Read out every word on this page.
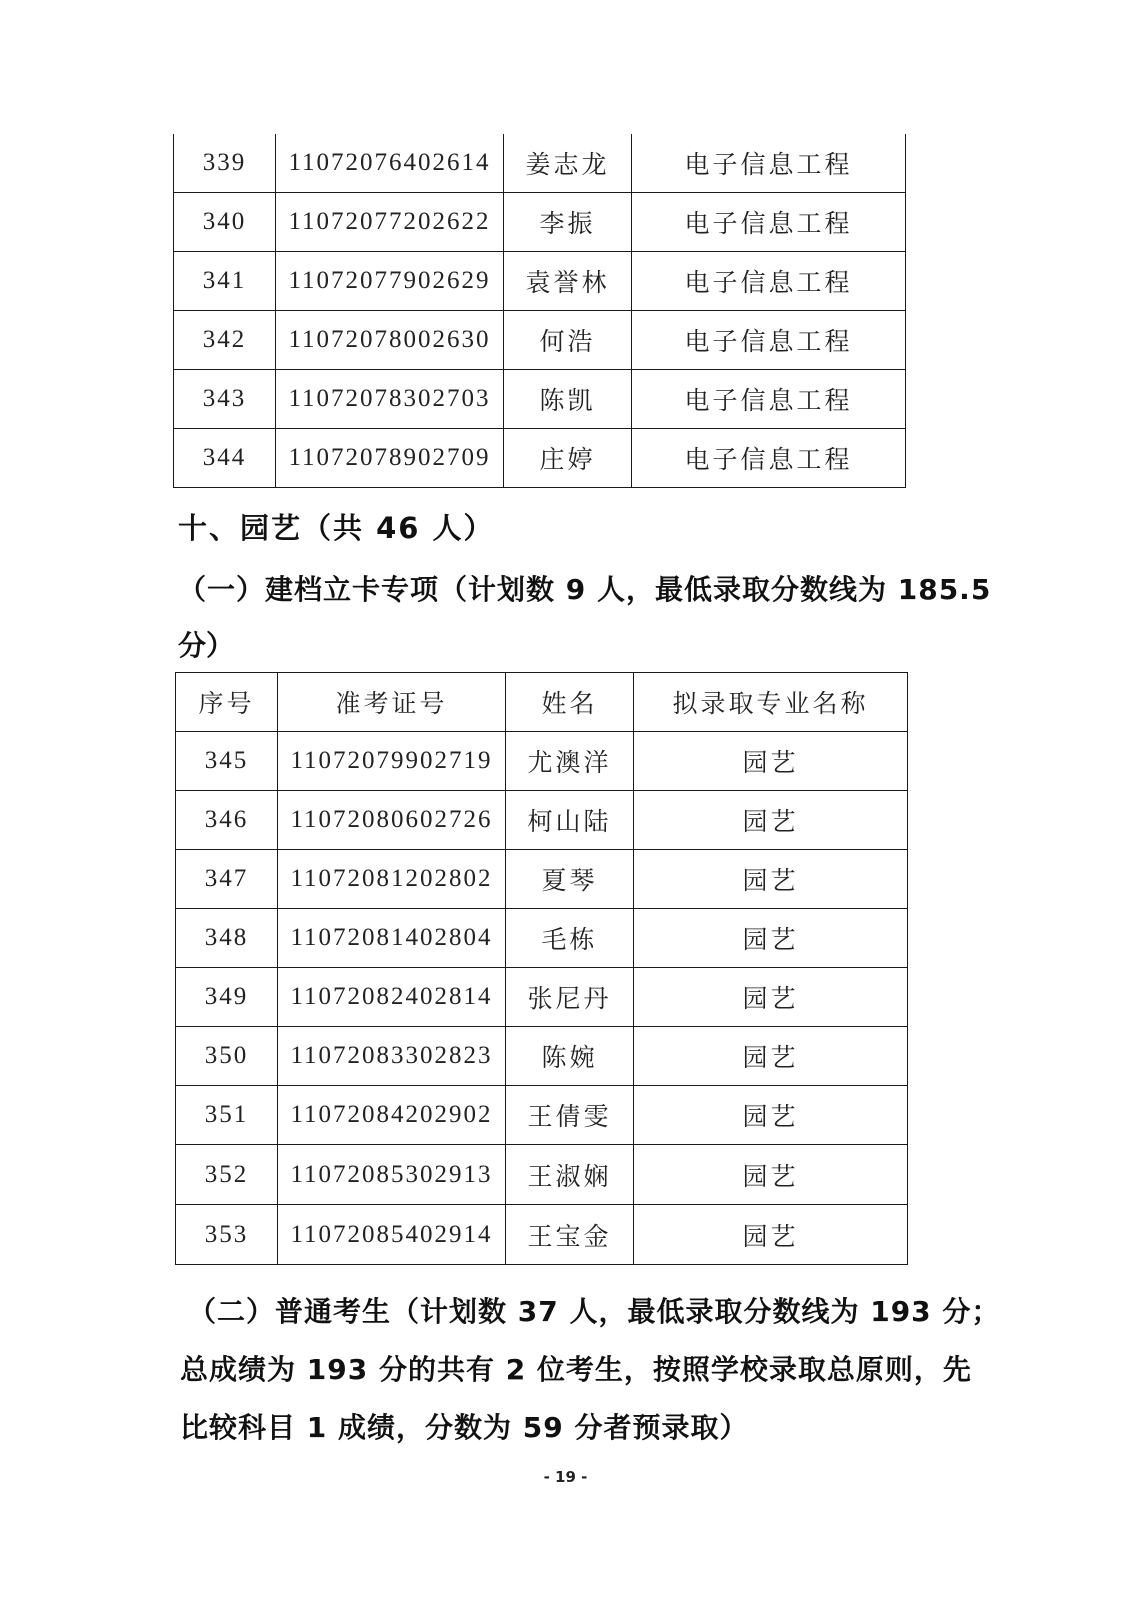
339	11072076402614	姜志龙	电子信息工程
340	11072077202622	李振	电子信息工程
341	11072077902629	袁誉林	电子信息工程
342	11072078002630	何浩	电子信息工程
343	11072078302703	陈凯	电子信息工程
344	11072078902709	庄婷	电子信息工程
十、园艺（共 46 人）
（一）建档立卡专项（计划数 9 人，最低录取分数线为 185.5
分）
序号	准考证号	姓名	拟录取专业名称
345	11072079902719	尤澳洋	园艺
346	11072080602726	柯山陆	园艺
347	11072081202802	夏琴	园艺
348	11072081402804	毛栋	园艺
349	11072082402814	张尼丹	园艺
350	11072083302823	陈婉	园艺
351	11072084202902	王倩雯	园艺
352	11072085302913	王淑娴	园艺
353	11072085402914	王宝金	园艺
（二）普通考生（计划数 37 人，最低录取分数线为 193 分；
总成绩为 193 分的共有 2 位考生，按照学校录取总原则，先
比较科目 1 成绩，分数为 59 分者预录取）
- 19 -
